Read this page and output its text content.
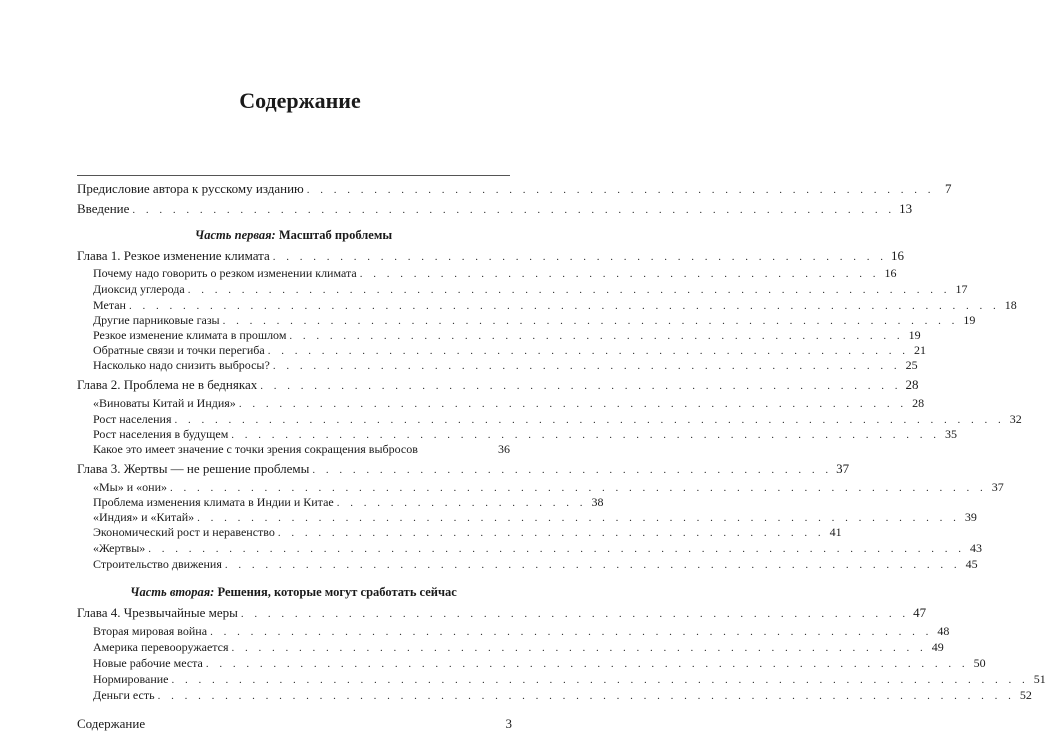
Содержание
Предисловие автора к русскому изданию . . . . . . . . . . . . . . . . . . . . . . . . . . . . . . . . . . . . . . . . . . . . . . . 7
Введение . . . . . . . . . . . . . . . . . . . . . . . . . . . . . . . . . . . . . . . . . . . . . . . . . . . . . . . . . 13
Часть первая: Масштаб проблемы
Глава 1. Резкое изменение климата . . . . . . . . . . . . . . . . . . . . . . . . . . . . . . . . . . . . . . . . . . . . . . 16
Почему надо говорить о резком изменении климата . . . . . . . . . . . . . . . . . . . . . . . . . . . . . . . . . . . . . . . 16
Диоксид углерода . . . . . . . . . . . . . . . . . . . . . . . . . . . . . . . . . . . . . . . . . . . . . . . . . . . . . . . . . 17
Метан . . . . . . . . . . . . . . . . . . . . . . . . . . . . . . . . . . . . . . . . . . . . . . . . . . . . . . . . . . . . . . . . . 18
Другие парниковые газы . . . . . . . . . . . . . . . . . . . . . . . . . . . . . . . . . . . . . . . . . . . . . . . . . . . . . . . 19
Резкое изменение климата в прошлом . . . . . . . . . . . . . . . . . . . . . . . . . . . . . . . . . . . . . . . . . . . . . . 19
Обратные связи и точки перегиба . . . . . . . . . . . . . . . . . . . . . . . . . . . . . . . . . . . . . . . . . . . . . . . . 21
Насколько надо снизить выбросы? . . . . . . . . . . . . . . . . . . . . . . . . . . . . . . . . . . . . . . . . . . . . . . . 25
Глава 2. Проблема не в бедняках . . . . . . . . . . . . . . . . . . . . . . . . . . . . . . . . . . . . . . . . . . . . . . . . 28
«Виноваты Китай и Индия» . . . . . . . . . . . . . . . . . . . . . . . . . . . . . . . . . . . . . . . . . . . . . . . . . . 28
Рост населения . . . . . . . . . . . . . . . . . . . . . . . . . . . . . . . . . . . . . . . . . . . . . . . . . . . . . . . . . . . . . . 32
Рост населения в будущем . . . . . . . . . . . . . . . . . . . . . . . . . . . . . . . . . . . . . . . . . . . . . . . . . . . . . 35
Какое это имеет значение с точки зрения сокращения выбросов	36
Глава 3. Жертвы — не решение проблемы . . . . . . . . . . . . . . . . . . . . . . . . . . . . . . . . . . . . . . . 37
«Мы» и «они» . . . . . . . . . . . . . . . . . . . . . . . . . . . . . . . . . . . . . . . . . . . . . . . . . . . . . . . . . . . . . 37
Проблема изменения климата в Индии и Китае . . . . . . . . . . . . . . . . . . . 38
«Индия» и «Китай» . . . . . . . . . . . . . . . . . . . . . . . . . . . . . . . . . . . . . . . . . . . . . . . . . . . . . . . . . 39
Экономический рост и неравенство . . . . . . . . . . . . . . . . . . . . . . . . . . . . . . . . . . . . . . . . . 41
«Жертвы» . . . . . . . . . . . . . . . . . . . . . . . . . . . . . . . . . . . . . . . . . . . . . . . . . . . . . . . . . . . . . 43
Строительство движения . . . . . . . . . . . . . . . . . . . . . . . . . . . . . . . . . . . . . . . . . . . . . . . . . . . . . . . 45
Часть вторая: Решения, которые могут сработать сейчас
Глава 4. Чрезвычайные меры . . . . . . . . . . . . . . . . . . . . . . . . . . . . . . . . . . . . . . . . . . . . . . . . . . 47
Вторая мировая война . . . . . . . . . . . . . . . . . . . . . . . . . . . . . . . . . . . . . . . . . . . . . . . . . . . . . . 48
Америка перевооружается . . . . . . . . . . . . . . . . . . . . . . . . . . . . . . . . . . . . . . . . . . . . . . . . . . . . 49
Новые рабочие места . . . . . . . . . . . . . . . . . . . . . . . . . . . . . . . . . . . . . . . . . . . . . . . . . . . . . . . . . 50
Нормирование . . . . . . . . . . . . . . . . . . . . . . . . . . . . . . . . . . . . . . . . . . . . . . . . . . . . . . . . . . . . . . . . 51
Деньги есть . . . . . . . . . . . . . . . . . . . . . . . . . . . . . . . . . . . . . . . . . . . . . . . . . . . . . . . . . . . . . . . . 52
Содержание	3
